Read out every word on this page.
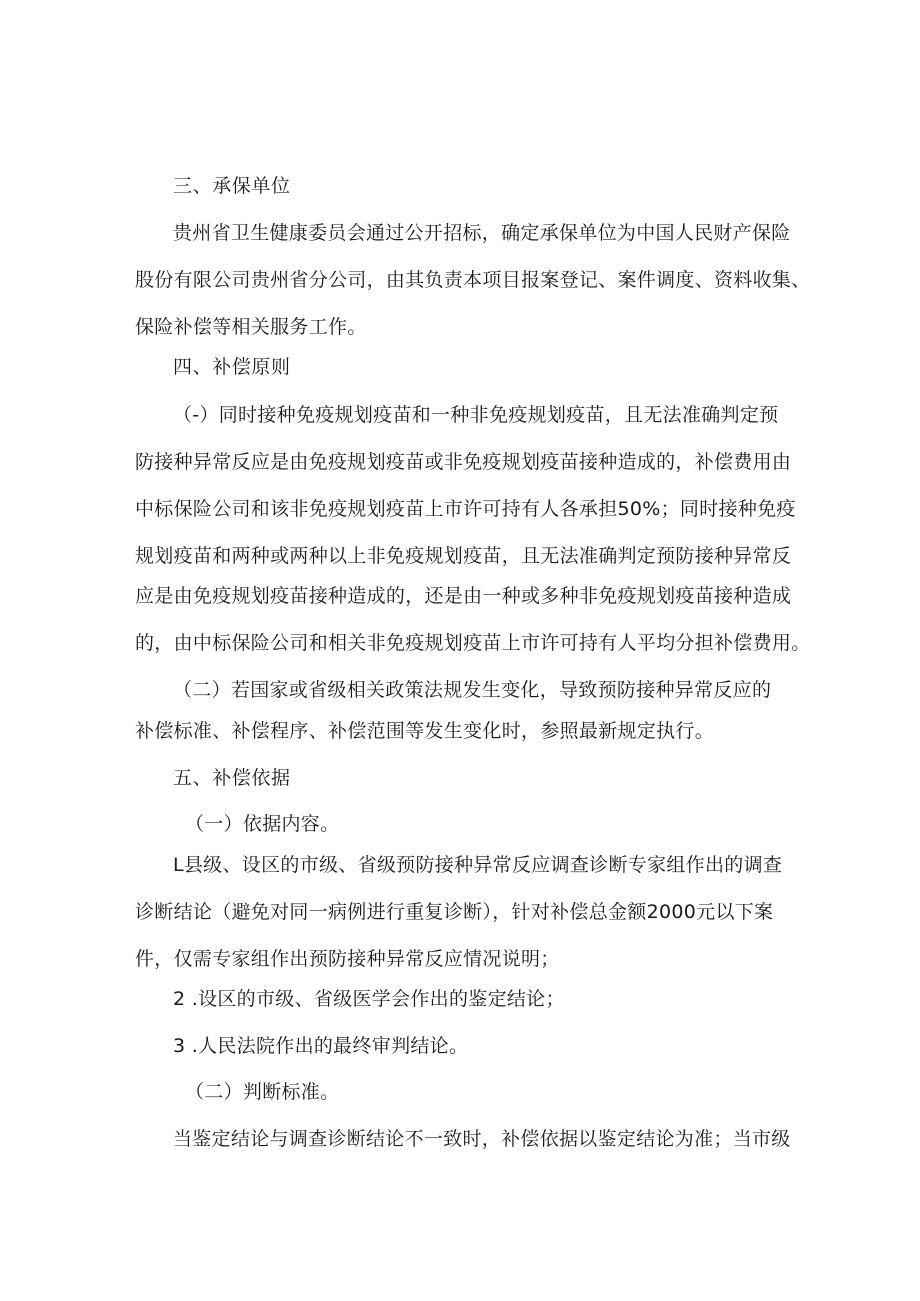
三、承保单位
贵州省卫生健康委员会通过公开招标，确定承保单位为中国人民财产保险
股份有限公司贵州省分公司，由其负责本项目报案登记、案件调度、资料收集、
保险补偿等相关服务工作。
四、补偿原则
（-）同时接种免疫规划疫苗和一种非免疫规划疫苗，且无法准确判定预
防接种异常反应是由免疫规划疫苗或非免疫规划疫苗接种造成的，补偿费用由
中标保险公司和该非免疫规划疫苗上市许可持有人各承担50%；同时接种免疫
规划疫苗和两种或两种以上非免疫规划疫苗，且无法准确判定预防接种异常反
应是由免疫规划疫苗接种造成的，还是由一种或多种非免疫规划疫苗接种造成
的，由中标保险公司和相关非免疫规划疫苗上市许可持有人平均分担补偿费用。
（二）若国家或省级相关政策法规发生变化，导致预防接种异常反应的
补偿标准、补偿程序、补偿范围等发生变化时，参照最新规定执行。
五、补偿依据
（一）依据内容。
L县级、设区的市级、省级预防接种异常反应调查诊断专家组作出的调查
诊断结论（避免对同一病例进行重复诊断），针对补偿总金额2000元以下案
件，仅需专家组作出预防接种异常反应情况说明；
2 .设区的市级、省级医学会作出的鉴定结论；
3 .人民法院作出的最终审判结论。
（二）判断标准。
当鉴定结论与调查诊断结论不一致时，补偿依据以鉴定结论为准；当市级
